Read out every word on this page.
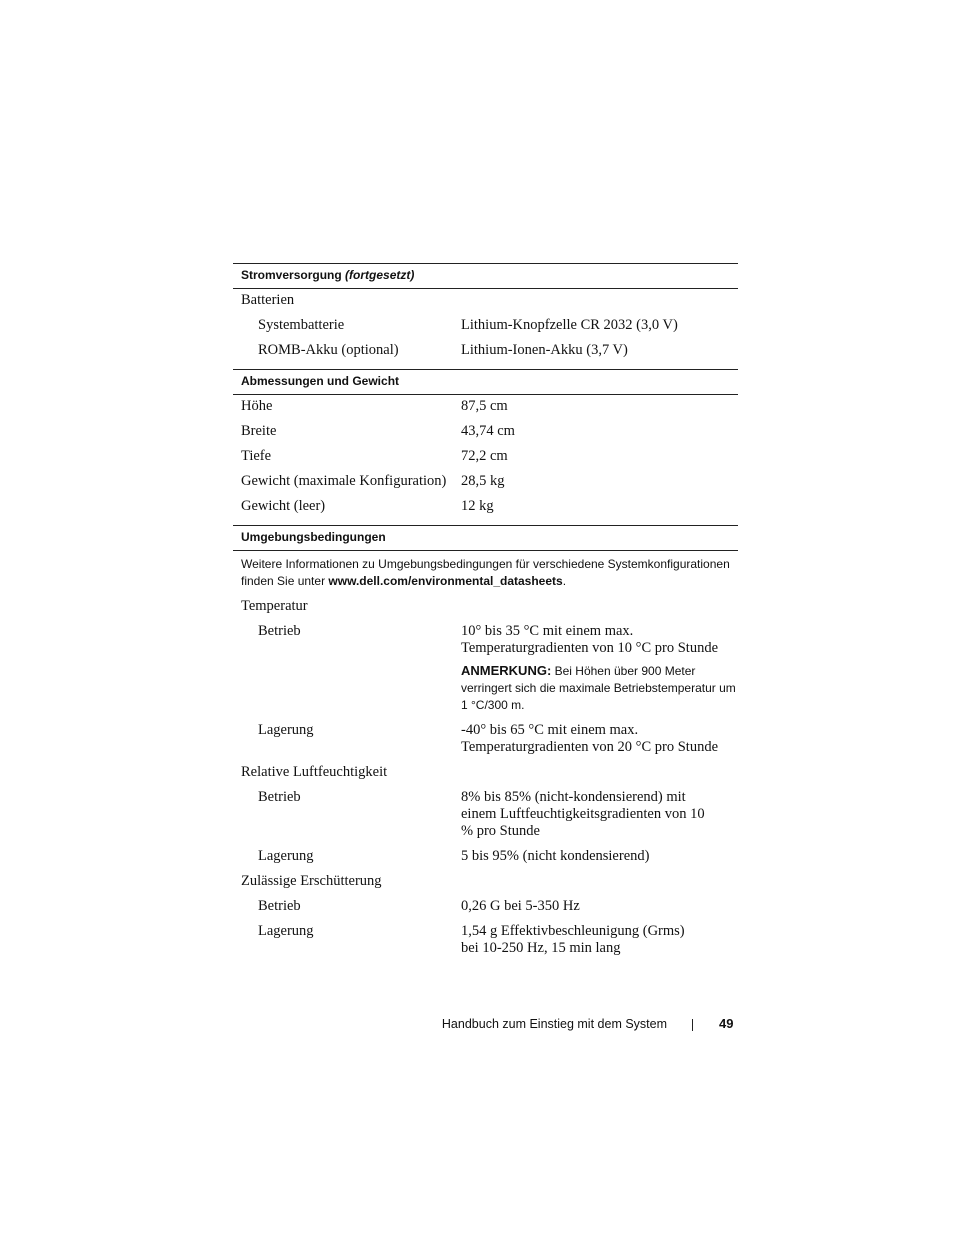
Stromversorgung (fortgesetzt)
Batterien
Systembatterie	Lithium-Knopfzelle CR 2032 (3,0 V)
ROMB-Akku (optional)	Lithium-Ionen-Akku (3,7 V)
Abmessungen und Gewicht
Höhe	87,5 cm
Breite	43,74 cm
Tiefe	72,2 cm
Gewicht (maximale Konfiguration)	28,5 kg
Gewicht (leer)	12 kg
Umgebungsbedingungen
Weitere Informationen zu Umgebungsbedingungen für verschiedene Systemkonfigurationen finden Sie unter www.dell.com/environmental_datasheets.
Temperatur
Betrieb	10° bis 35 °C mit einem max. Temperaturgradienten von 10 °C pro Stunde
ANMERKUNG: Bei Höhen über 900 Meter verringert sich die maximale Betriebstemperatur um 1 °C/300 m.
Lagerung	-40° bis 65 °C mit einem max. Temperaturgradienten von 20 °C pro Stunde
Relative Luftfeuchtigkeit
Betrieb	8% bis 85% (nicht-kondensierend) mit einem Luftfeuchtigkeitsgradienten von 10 % pro Stunde
Lagerung	5 bis 95% (nicht kondensierend)
Zulässige Erschütterung
Betrieb	0,26 G bei 5-350 Hz
Lagerung	1,54 g Effektivbeschleunigung (Grms) bei 10-250 Hz, 15 min lang
Handbuch zum Einstieg mit dem System	49
